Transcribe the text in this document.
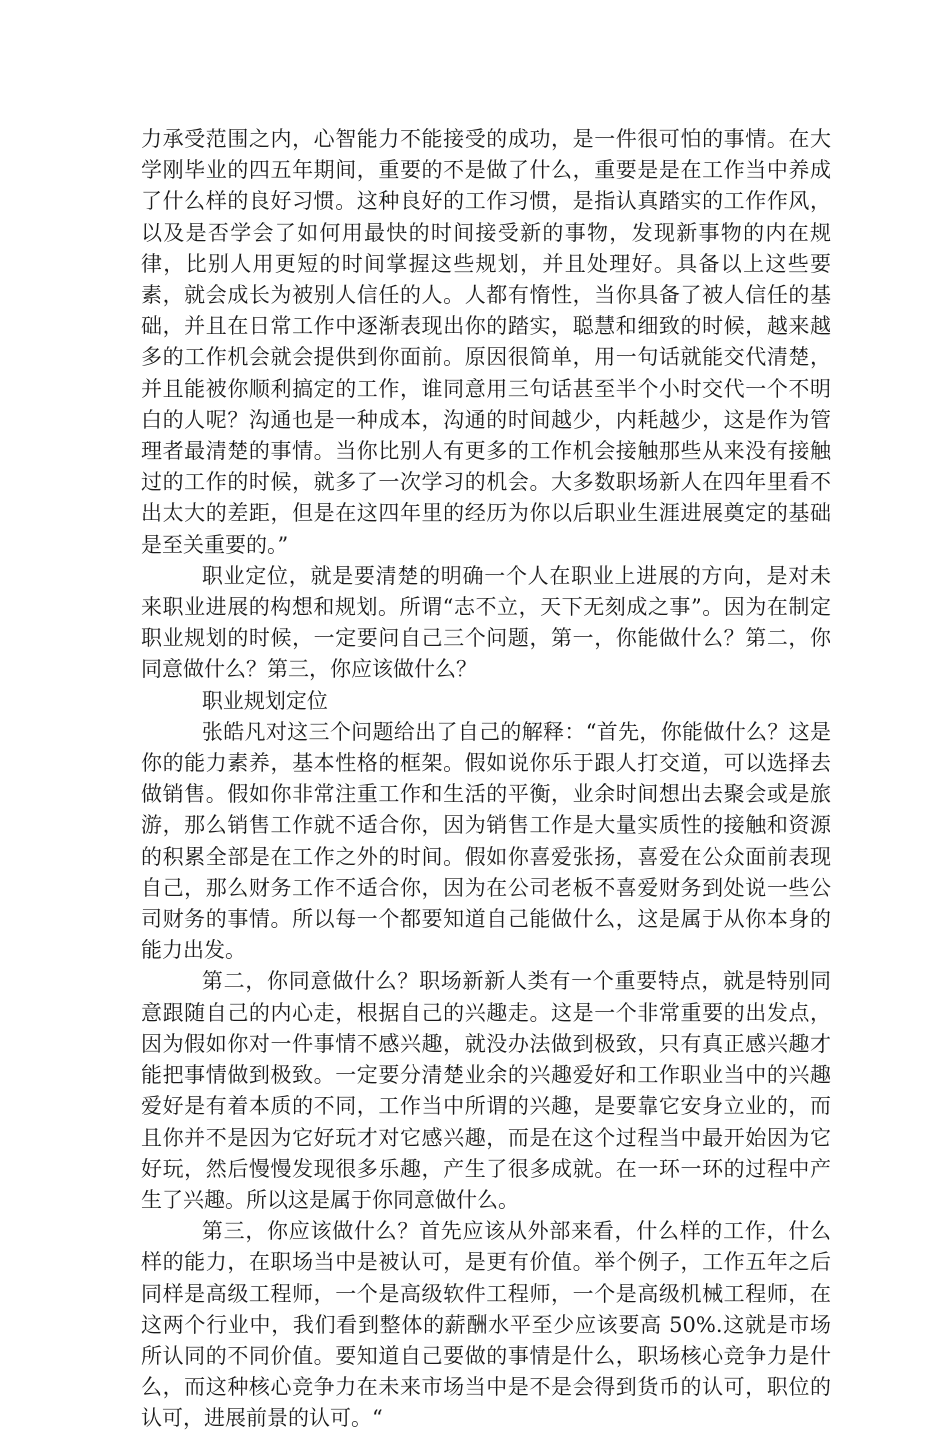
力承受范围之内，心智能力不能接受的成功，是一件很可怕的事情。在大学刚毕业的四五年期间，重要的不是做了什么，重要是是在工作当中养成了什么样的良好习惯。这种良好的工作习惯，是指认真踏实的工作作风，以及是否学会了如何用最快的时间接受新的事物，发现新事物的内在规律，比别人用更短的时间掌握这些规划，并且处理好。具备以上这些要素，就会成长为被别人信任的人。人都有惰性，当你具备了被人信任的基础，并且在日常工作中逐渐表现出你的踏实，聪慧和细致的时候，越来越多的工作机会就会提供到你面前。原因很简单，用一句话就能交代清楚，并且能被你顺利搞定的工作，谁同意用三句话甚至半个小时交代一个不明白的人呢？沟通也是一种成本，沟通的时间越少，内耗越少，这是作为管理者最清楚的事情。当你比别人有更多的工作机会接触那些从来没有接触过的工作的时候，就多了一次学习的机会。大多数职场新人在四年里看不出太大的差距，但是在这四年里的经历为你以后职业生涯进展奠定的基础是至关重要的。”

职业定位，就是要清楚的明确一个人在职业上进展的方向，是对未来职业进展的构想和规划。所谓“志不立，天下无刻成之事”。因为在制定职业规划的时候，一定要问自己三个问题，第一，你能做什么？第二，你同意做什么？第三，你应该做什么？

职业规划定位

张皓凡对这三个问题给出了自己的解释：“首先，你能做什么？这是你的能力素养，基本性格的框架。假如说你乐于跟人打交道，可以选择去做销售。假如你非常注重工作和生活的平衡，业余时间想出去聚会或是旅游，那么销售工作就不适合你，因为销售工作是大量实质性的接触和资源的积累全部是在工作之外的时间。假如你喜爱张扬，喜爱在公众面前表现自己，那么财务工作不适合你，因为在公司老板不喜爱财务到处说一些公司财务的事情。所以每一个都要知道自己能做什么，这是属于从你本身的能力出发。

第二，你同意做什么？职场新新人类有一个重要特点，就是特别同意跟随自己的内心走，根据自己的兴趣走。这是一个非常重要的出发点，因为假如你对一件事情不感兴趣，就没办法做到极致，只有真正感兴趣才能把事情做到极致。一定要分清楚业余的兴趣爱好和工作职业当中的兴趣爱好是有着本质的不同，工作当中所谓的兴趣，是要靠它安身立业的，而且你并不是因为它好玩才对它感兴趣，而是在这个过程当中最开始因为它好玩，然后慢慢发现很多乐趣，产生了很多成就。在一环一环的过程中产生了兴趣。所以这是属于你同意做什么。

第三，你应该做什么？首先应该从外部来看，什么样的工作，什么样的能力，在职场当中是被认可，是更有价值。举个例子，工作五年之后同样是高级工程师，一个是高级软件工程师，一个是高级机械工程师，在这两个行业中，我们看到整体的薪酬水平至少应该要高 50%.这就是市场所认同的不同价值。要知道自己要做的事情是什么，职场核心竞争力是什么，而这种核心竞争力在未来市场当中是不是会得到货币的认可，职位的认可，进展前景的认可。“
